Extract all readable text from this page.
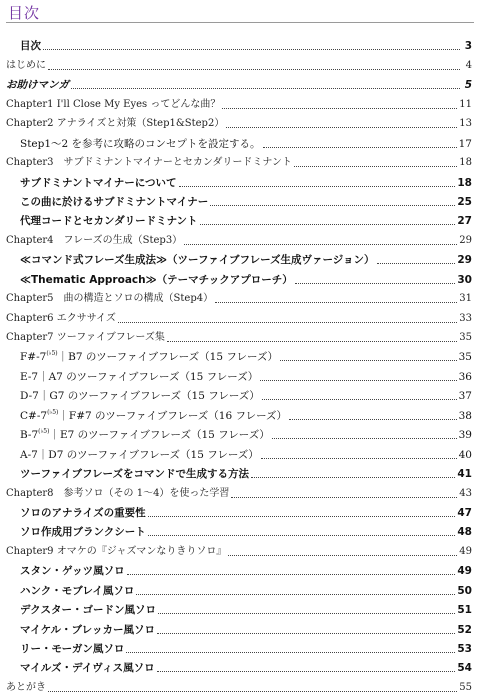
目次
目次	3
はじめに	4
お助けマンガ	5
Chapter1 I'll Close My Eyes ってどんな曲？	11
Chapter2 アナライズと対策（Step1&Step2）	13
Step1〜2 を参考に攻略のコンセプトを設定する。	17
Chapter3　サブドミナントマイナーとセカンダリードミナント	18
サブドミナントマイナーについて	18
この曲に於けるサブドミナントマイナー	25
代理コードとセカンダリードミナント	27
Chapter4　フレーズの生成（Step3）	29
≪コマンド式フレーズ生成法≫（ツーファイブフレーズ生成ヴァージョン）	29
≪Thematic Approach≫（テーマチックアプローチ）	30
Chapter5　曲の構造とソロの構成（Step4）	31
Chapter6 エクササイズ	33
Chapter7 ツーファイブフレーズ集	35
$F\#-7^{(♭5)}|B7$ のツーファイブフレーズ（15 フレーズ）	35
E-7｜A7 のツーファイブフレーズ（15 フレーズ）	36
D-7｜G7 のツーファイブフレーズ（15 フレーズ）	37
$C\#-7^{(♭5)}|F\#7$ のツーファイブフレーズ（16 フレーズ）	38
$B-7^{(♭5)}|E7$ のツーファイブフレーズ（15 フレーズ）	39
A-7｜D7 のツーファイブフレーズ（15 フレーズ）	40
ツーファイブフレーズをコマンドで生成する方法	41
Chapter8　参考ソロ（その 1～4）を使った学習	43
ソロのアナライズの重要性	47
ソロ作成用ブランクシート	48
Chapter9 オマケの『ジャズマンなりきりソロ』	49
スタン・ゲッツ風ソロ	49
ハンク・モブレイ風ソロ	50
デクスター・ゴードン風ソロ	51
マイケル・ブレッカー風ソロ	52
リー・モーガン風ソロ	53
マイルズ・デイヴィス風ソロ	54
あとがき	55
